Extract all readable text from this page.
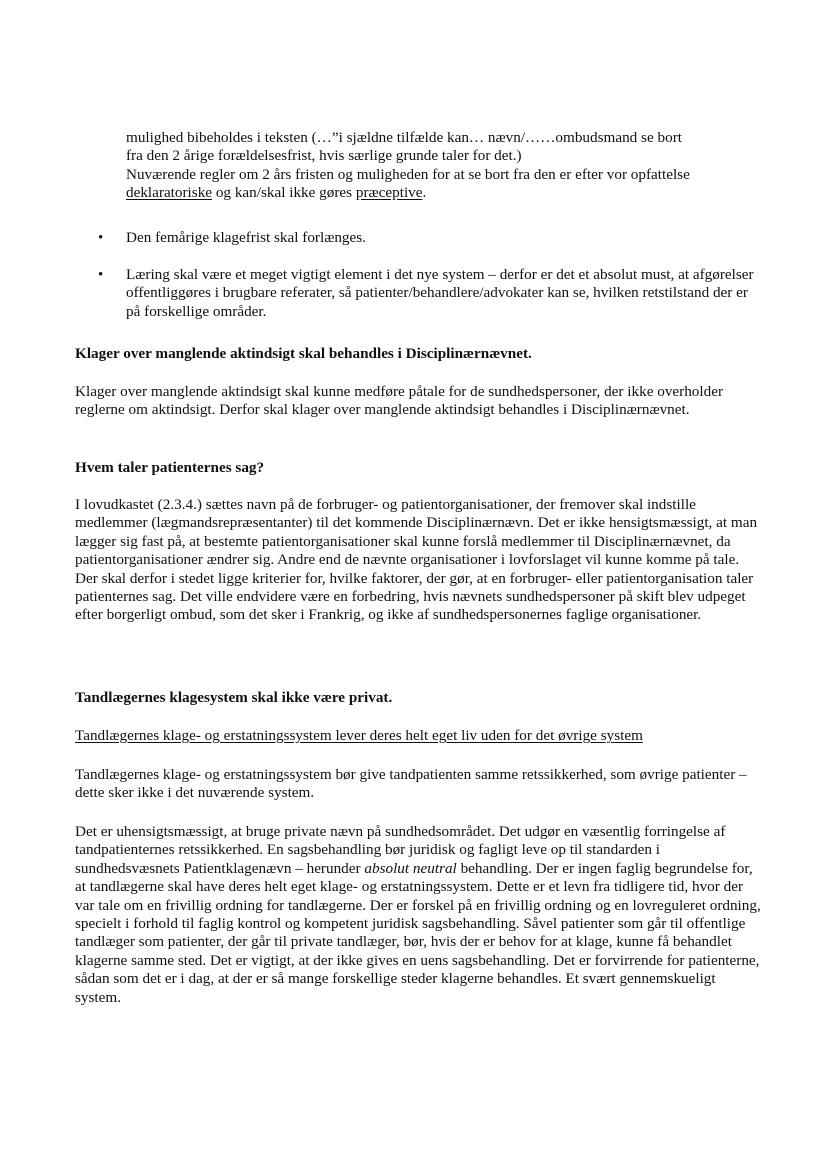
mulighed bibeholdes i teksten (…”i sjældne tilfælde kan… nævn/……ombudsmand se bort
fra den 2 årige forældelsesfrist, hvis særlige grunde taler for det.)
Nuværende regler om 2 års fristen og muligheden for at se bort fra den er efter vor opfattelse
deklaratoriske og kan/skal ikke gøres præceptive.

• Den femårige klagefrist skal forlænges.

• Læring skal være et meget vigtigt element i det nye system – derfor er det et absolut must, at afgørelser offentliggøres i brugbare referater, så patienter/behandlere/advokater kan se, hvilken retstilstand der er på forskellige områder.

Klager over manglende aktindsigt skal behandles i Disciplinærnævnet.

Klager over manglende aktindsigt skal kunne medføre påtale for de sundhedspersoner, der ikke overholder reglerne om aktindsigt. Derfor skal klager over manglende aktindsigt behandles i Disciplinærnævnet.

Hvem taler patienternes sag?

I lovudkastet (2.3.4.) sættes navn på de forbruger- og patientorganisationer, der fremover skal indstille medlemmer (lægmandsrepræsentanter) til det kommende Disciplinærnævn. Det er ikke hensigtsmæssigt, at man lægger sig fast på, at bestemte patientorganisationer skal kunne forslå medlemmer til Disciplinærnævnet, da patientorganisationer ændrer sig. Andre end de nævnte organisationer i lovforslaget vil kunne komme på tale. Der skal derfor i stedet ligge kriterier for, hvilke faktorer, der gør, at en forbruger- eller patientorganisation taler patienternes sag. Det ville endvidere være en forbedring, hvis nævnets sundhedspersoner på skift blev udpeget efter borgerligt ombud, som det sker i Frankrig, og ikke af sundhedspersonernes faglige organisationer.

Tandlægernes klagesystem skal ikke være privat.

Tandlægernes klage- og erstatningssystem lever deres helt eget liv uden for det øvrige system

Tandlægernes klage- og erstatningssystem bør give tandpatienten samme retssikkerhed, som øvrige patienter – dette sker ikke i det nuværende system.

Det er uhensigtsmæssigt, at bruge private nævn på sundhedsområdet. Det udgør en væsentlig forringelse af tandpatienternes retssikkerhed. En sagsbehandling bør juridisk og fagligt leve op til standarden i sundhedsvæsnets Patientklagenævn – herunder absolut neutral behandling. Der er ingen faglig begrundelse for, at tandlægerne skal have deres helt eget klage- og erstatningssystem. Dette er et levn fra tidligere tid, hvor der var tale om en frivillig ordning for tandlægerne. Der er forskel på en frivillig ordning og en lovreguleret ordning, specielt i forhold til faglig kontrol og kompetent juridisk sagsbehandling. Såvel patienter som går til offentlige tandlæger som patienter, der går til private tandlæger, bør, hvis der er behov for at klage, kunne få behandlet klagerne samme sted. Det er vigtigt, at der ikke gives en uens sagsbehandling. Det er forvirrende for patienterne, sådan som det er i dag, at der er så mange forskellige steder klagerne behandles. Et svært gennemskueligt system.
